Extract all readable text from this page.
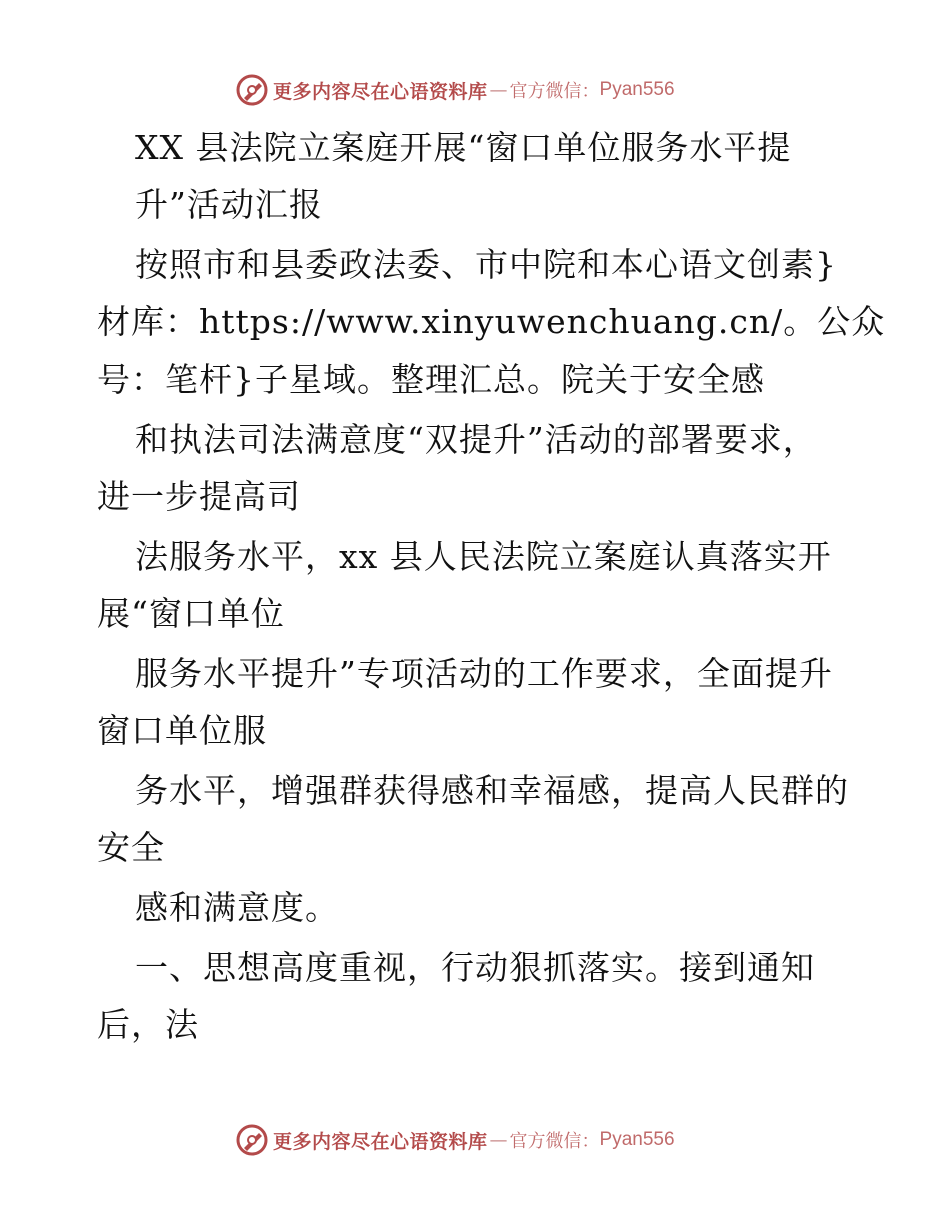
更多内容尽在心语资料库 — 官方微信： Pyan556

XX 县法院立案庭开展“窗口单位服务水平提

升”活动汇报

按照市和县委政法委、市中院和本心语文创素}

材库：https://www.xinyuwenchuang.cn/。公众

号：笔杆}子星域。整理汇总。院关于安全感

和执法司法满意度“双提升”活动的部署要求，

进一步提高司

法服务水平，xx 县人民法院立案庭认真落实开

展“窗口单位

服务水平提升”专项活动的工作要求，全面提升

窗口单位服

务水平，增强群获得感和幸福感，提高人民群的

安全

感和满意度。

一、思想高度重视，行动狠抓落实。接到通知

后，法

更多内容尽在心语资料库 — 官方微信： Pyan556
